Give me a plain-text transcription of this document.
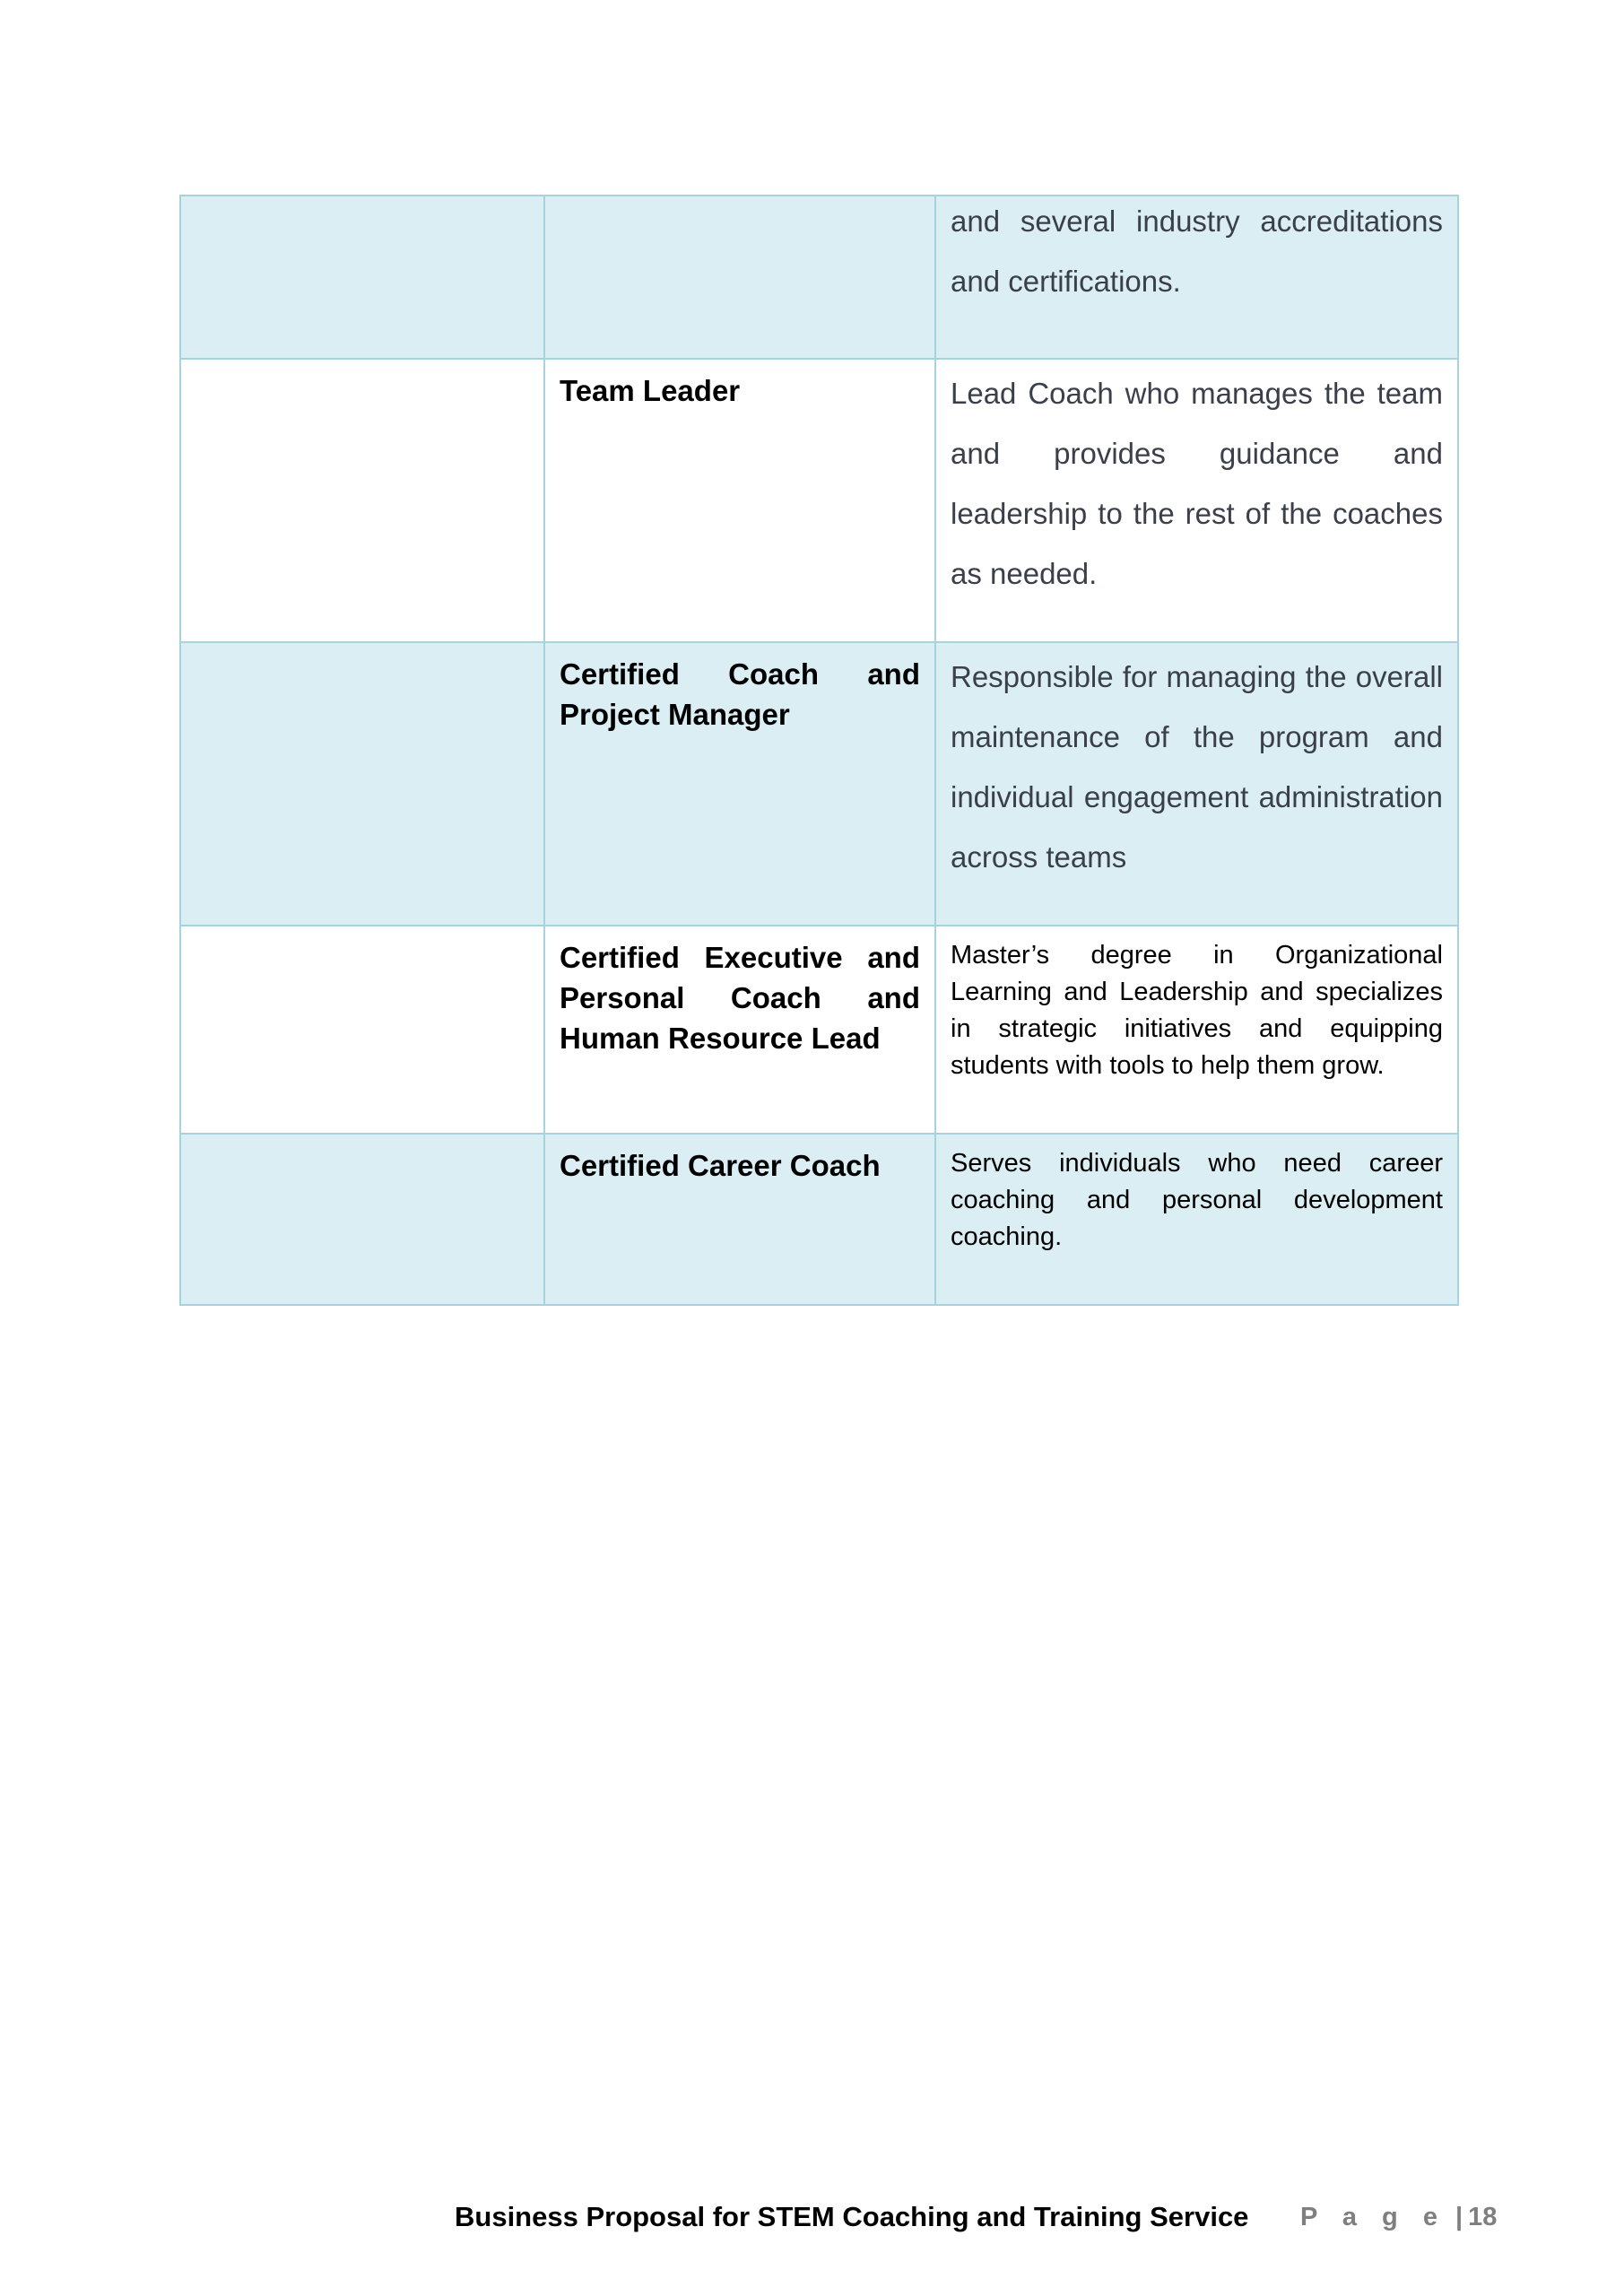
		and several industry accreditations and certifications.

	Team Leader	Lead Coach who manages the team and provides guidance and leadership to the rest of the coaches as needed.

	Certified Coach and Project Manager	Responsible for managing the overall maintenance of the program and individual engagement administration across teams

	Certified Executive and Personal Coach and Human Resource Lead	Master’s degree in Organizational Learning and Leadership and specializes in strategic initiatives and equipping students with tools to help them grow.

	Certified Career Coach	Serves individuals who need career coaching and personal development coaching.
Business Proposal for STEM Coaching and Training Service P a g e | 18
